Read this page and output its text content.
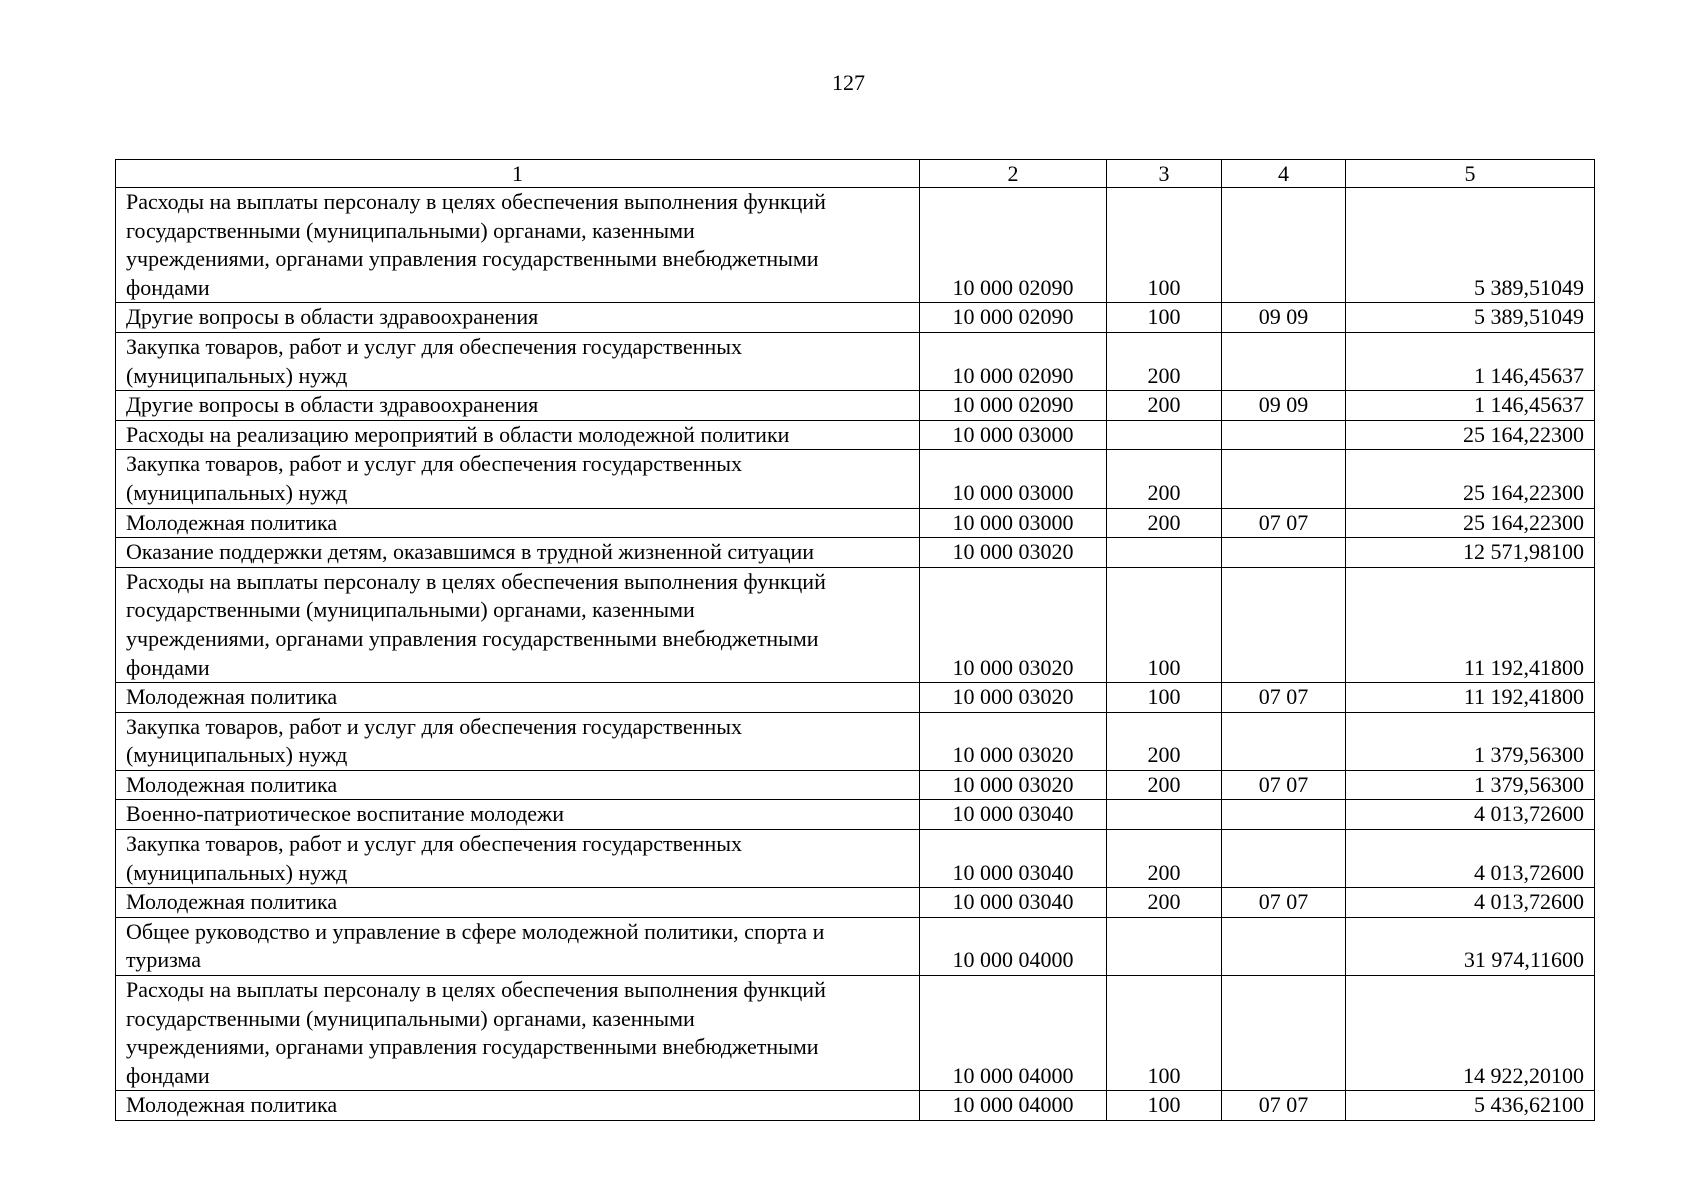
127
1	2	3	4	5
Расходы на выплаты персоналу в целях обеспечения выполнения функций
государственными (муниципальными) органами, казенными
учреждениями, органами управления государственными внебюджетными
фондами	10 000 02090	100		5 389,51049
Другие вопросы в области здравоохранения	10 000 02090	100	09 09	5 389,51049
Закупка товаров, работ и услуг для обеспечения государственных
(муниципальных) нужд	10 000 02090	200		1 146,45637
Другие вопросы в области здравоохранения	10 000 02090	200	09 09	1 146,45637
Расходы на реализацию мероприятий в области молодежной политики	10 000 03000			25 164,22300
Закупка товаров, работ и услуг для обеспечения государственных
(муниципальных) нужд	10 000 03000	200		25 164,22300
Молодежная политика	10 000 03000	200	07 07	25 164,22300
Оказание поддержки детям, оказавшимся в трудной жизненной ситуации	10 000 03020			12 571,98100
Расходы на выплаты персоналу в целях обеспечения выполнения функций
государственными (муниципальными) органами, казенными
учреждениями, органами управления государственными внебюджетными
фондами	10 000 03020	100		11 192,41800
Молодежная политика	10 000 03020	100	07 07	11 192,41800
Закупка товаров, работ и услуг для обеспечения государственных
(муниципальных) нужд	10 000 03020	200		1 379,56300
Молодежная политика	10 000 03020	200	07 07	1 379,56300
Военно-патриотическое воспитание молодежи	10 000 03040			4 013,72600
Закупка товаров, работ и услуг для обеспечения государственных
(муниципальных) нужд	10 000 03040	200		4 013,72600
Молодежная политика	10 000 03040	200	07 07	4 013,72600
Общее руководство и управление в сфере молодежной политики, спорта и
туризма	10 000 04000			31 974,11600
Расходы на выплаты персоналу в целях обеспечения выполнения функций
государственными (муниципальными) органами, казенными
учреждениями, органами управления государственными внебюджетными
фондами	10 000 04000	100		14 922,20100
Молодежная политика	10 000 04000	100	07 07	5 436,62100
